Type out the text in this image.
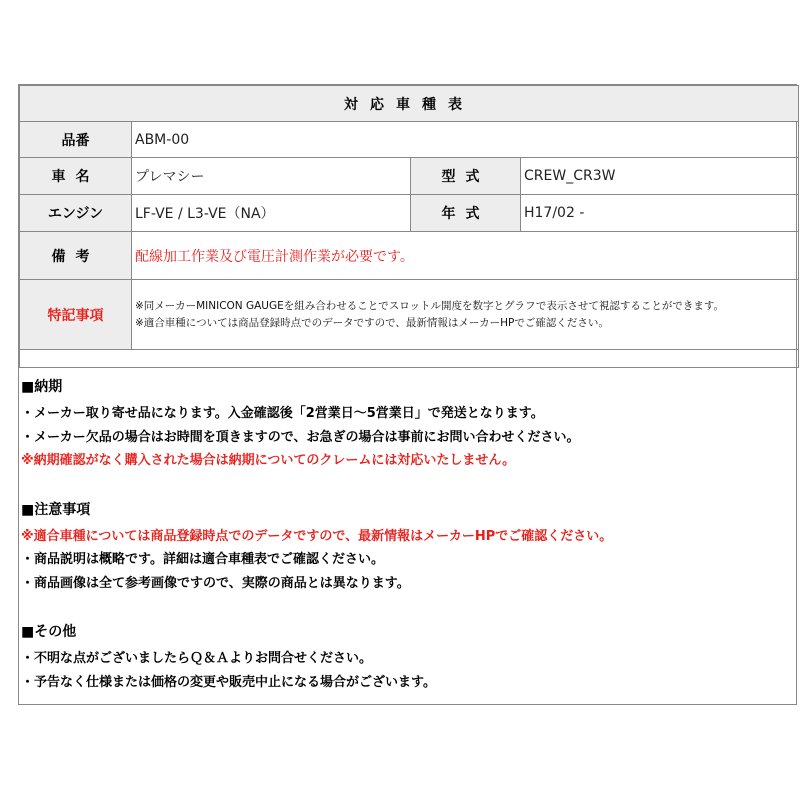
対応車種表			
品番	ABM-00		
車名	プレマシー	型式	CREW_CR3W
エンジン	LF-VE / L3-VE（NA）	年式	H17/02 -
備考	配線加工作業及び電圧計測作業が必要です。		
特記事項	※同メーカーMINICON GAUGEを組み合わせることでスロットル開度を数字とグラフで表示させて視認することができます。
※適合車種については商品登録時点でのデータですので、最新情報はメーカーHPでご確認ください。		

■納期

・メーカー取り寄せ品になります。入金確認後「2営業日～5営業日」で発送となります。

・メーカー欠品の場合はお時間を頂きますので、お急ぎの場合は事前にお問い合わせください。

※納期確認がなく購入された場合は納期についてのクレームには対応いたしません。

■注意事項

※適合車種については商品登録時点でのデータですので、最新情報はメーカーHPでご確認ください。

・商品説明は概略です。詳細は適合車種表でご確認ください。

・商品画像は全て参考画像ですので、実際の商品とは異なります。

■その他

・不明な点がございましたらＱ＆Ａよりお問合せください。

・予告なく仕様または価格の変更や販売中止になる場合がございます。
